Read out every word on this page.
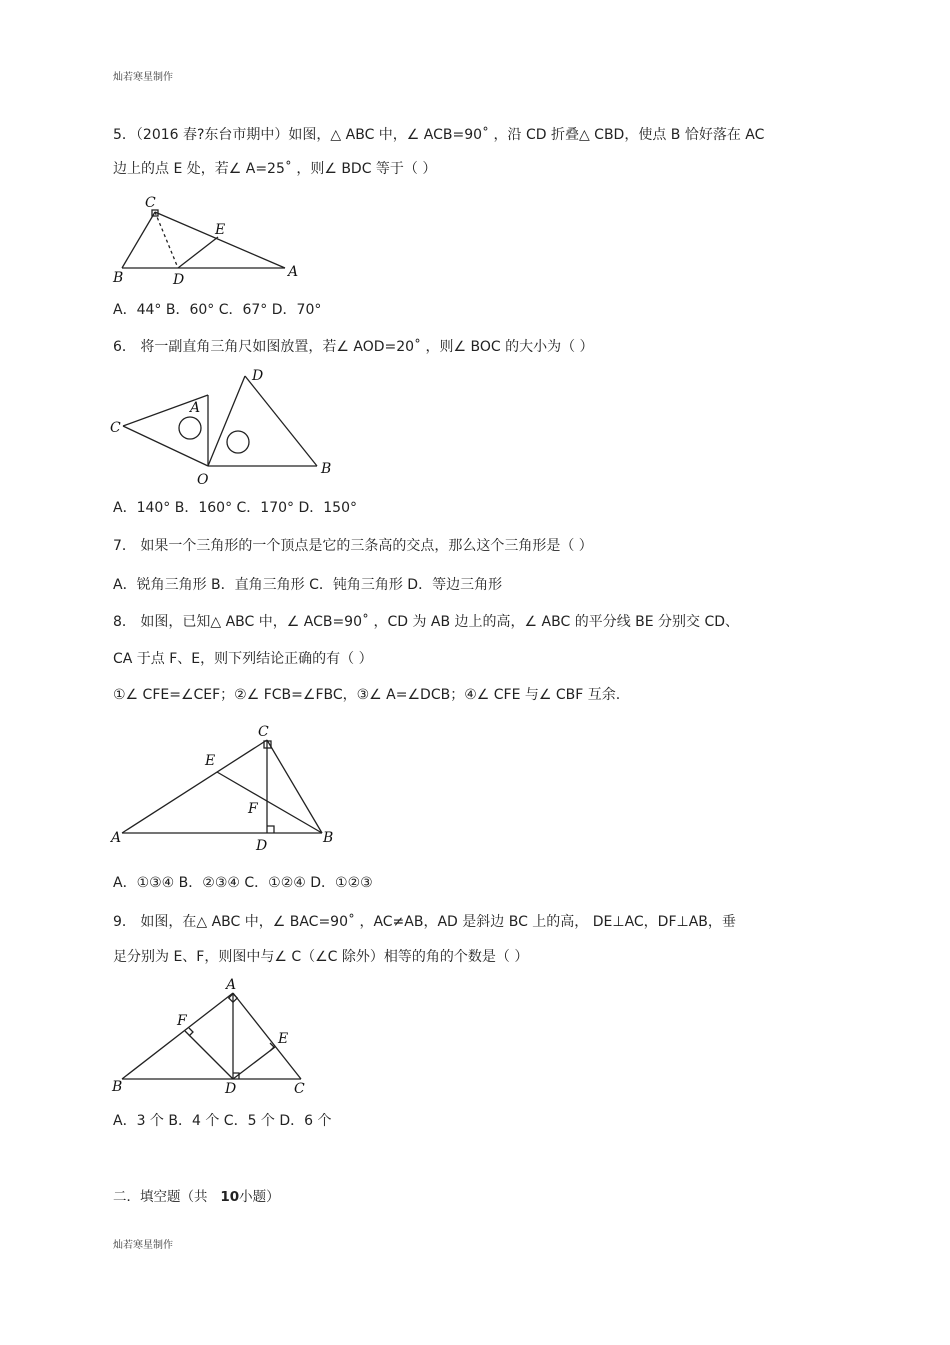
灿若寒星制作
5．（2016 春?东台市期中）如图，△ ABC 中，∠ ACB=90˚ ，沿 CD 折叠△ CBD，使点 B 恰好落在 AC
边上的点 E 处，若∠ A=25˚ ，则∠ BDC 等于（ ）
C
E
B	D	A
A．44° B．60° C．67° D．70°
6． 将一副直角三角尺如图放置，若∠ AOD=20˚ ，则∠ BOC 的大小为（ ）
D
A
C
O
B
A．140° B．160° C．170° D．150°
7． 如果一个三角形的一个顶点是它的三条高的交点，那么这个三角形是（ ）
A．锐角三角形 B．直角三角形 C．钝角三角形 D．等边三角形
8． 如图，已知△ ABC 中，∠ ACB=90˚ ，CD 为 AB 边上的高，∠ ABC 的平分线 BE 分别交 CD、
CA 于点 F、E，则下列结论正确的有（ ）
①∠ CFE=∠CEF；②∠ FCB=∠FBC，③∠ A=∠DCB；④∠ CFE 与∠ CBF 互余.
C
E
F
A	D	B
A．①③④ B．②③④ C．①②④ D．①②③
9． 如图，在△ ABC 中，∠ BAC=90˚ ，AC≠AB，AD 是斜边 BC 上的高， DE⊥AC，DF⊥AB，垂
足分别为 E、F，则图中与∠ C（∠C 除外）相等的角的个数是（ ）
A
F
E
B	D	C
A．3 个 B．4 个 C．5 个 D．6 个
二．填空题（共 10小题）
灿若寒星制作
